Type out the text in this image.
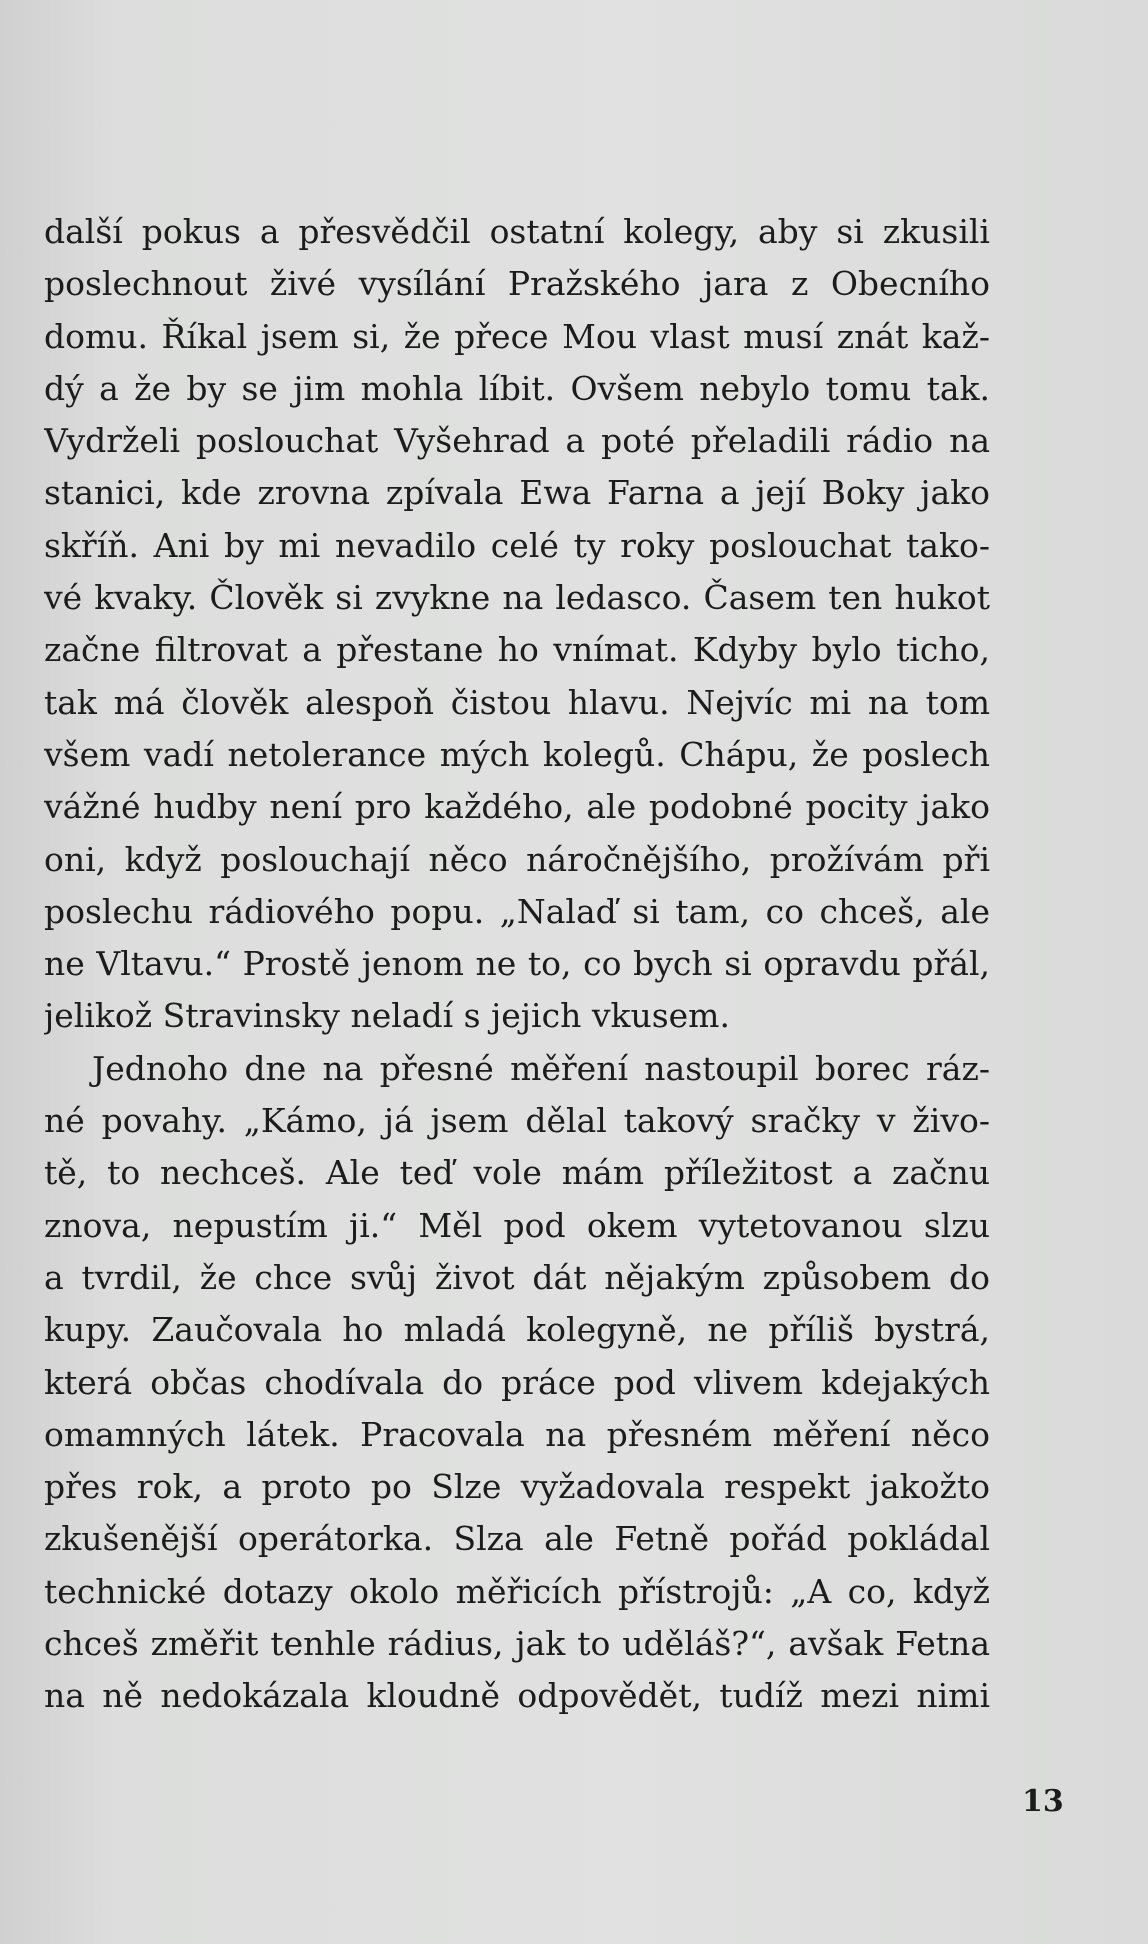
další pokus a přesvědčil ostatní kolegy, aby si zkusili
poslechnout živé vysílání Pražského jara z Obecního
domu. Říkal jsem si, že přece Mou vlast musí znát kaž-
dý a že by se jim mohla líbit. Ovšem nebylo tomu tak.
Vydrželi poslouchat Vyšehrad a poté přeladili rádio na
stanici, kde zrovna zpívala Ewa Farna a její Boky jako
skříň. Ani by mi nevadilo celé ty roky poslouchat tako-
vé kvaky. Člověk si zvykne na ledasco. Časem ten hukot
začne filtrovat a přestane ho vnímat. Kdyby bylo ticho,
tak má člověk alespoň čistou hlavu. Nejvíc mi na tom
všem vadí netolerance mých kolegů. Chápu, že poslech
vážné hudby není pro každého, ale podobné pocity jako
oni, když poslouchají něco náročnějšího, prožívám při
poslechu rádiového popu. „Nalaď si tam, co chceš, ale
ne Vltavu.“ Prostě jenom ne to, co bych si opravdu přál,
jelikož Stravinsky neladí s jejich vkusem.
Jednoho dne na přesné měření nastoupil borec ráz-
né povahy. „Kámo, já jsem dělal takový sračky v živo-
tě, to nechceš. Ale teď vole mám příležitost a začnu
znova, nepustím ji.“ Měl pod okem vytetovanou slzu
a tvrdil, že chce svůj život dát nějakým způsobem do
kupy. Zaučovala ho mladá kolegyně, ne příliš bystrá,
která občas chodívala do práce pod vlivem kdejakých
omamných látek. Pracovala na přesném měření něco
přes rok, a proto po Slze vyžadovala respekt jakožto
zkušenější operátorka. Slza ale Fetně pořád pokládal
technické dotazy okolo měřicích přístrojů: „A co, když
chceš změřit tenhle rádius, jak to uděláš?“, avšak Fetna
na ně nedokázala kloudně odpovědět, tudíž mezi nimi
13
